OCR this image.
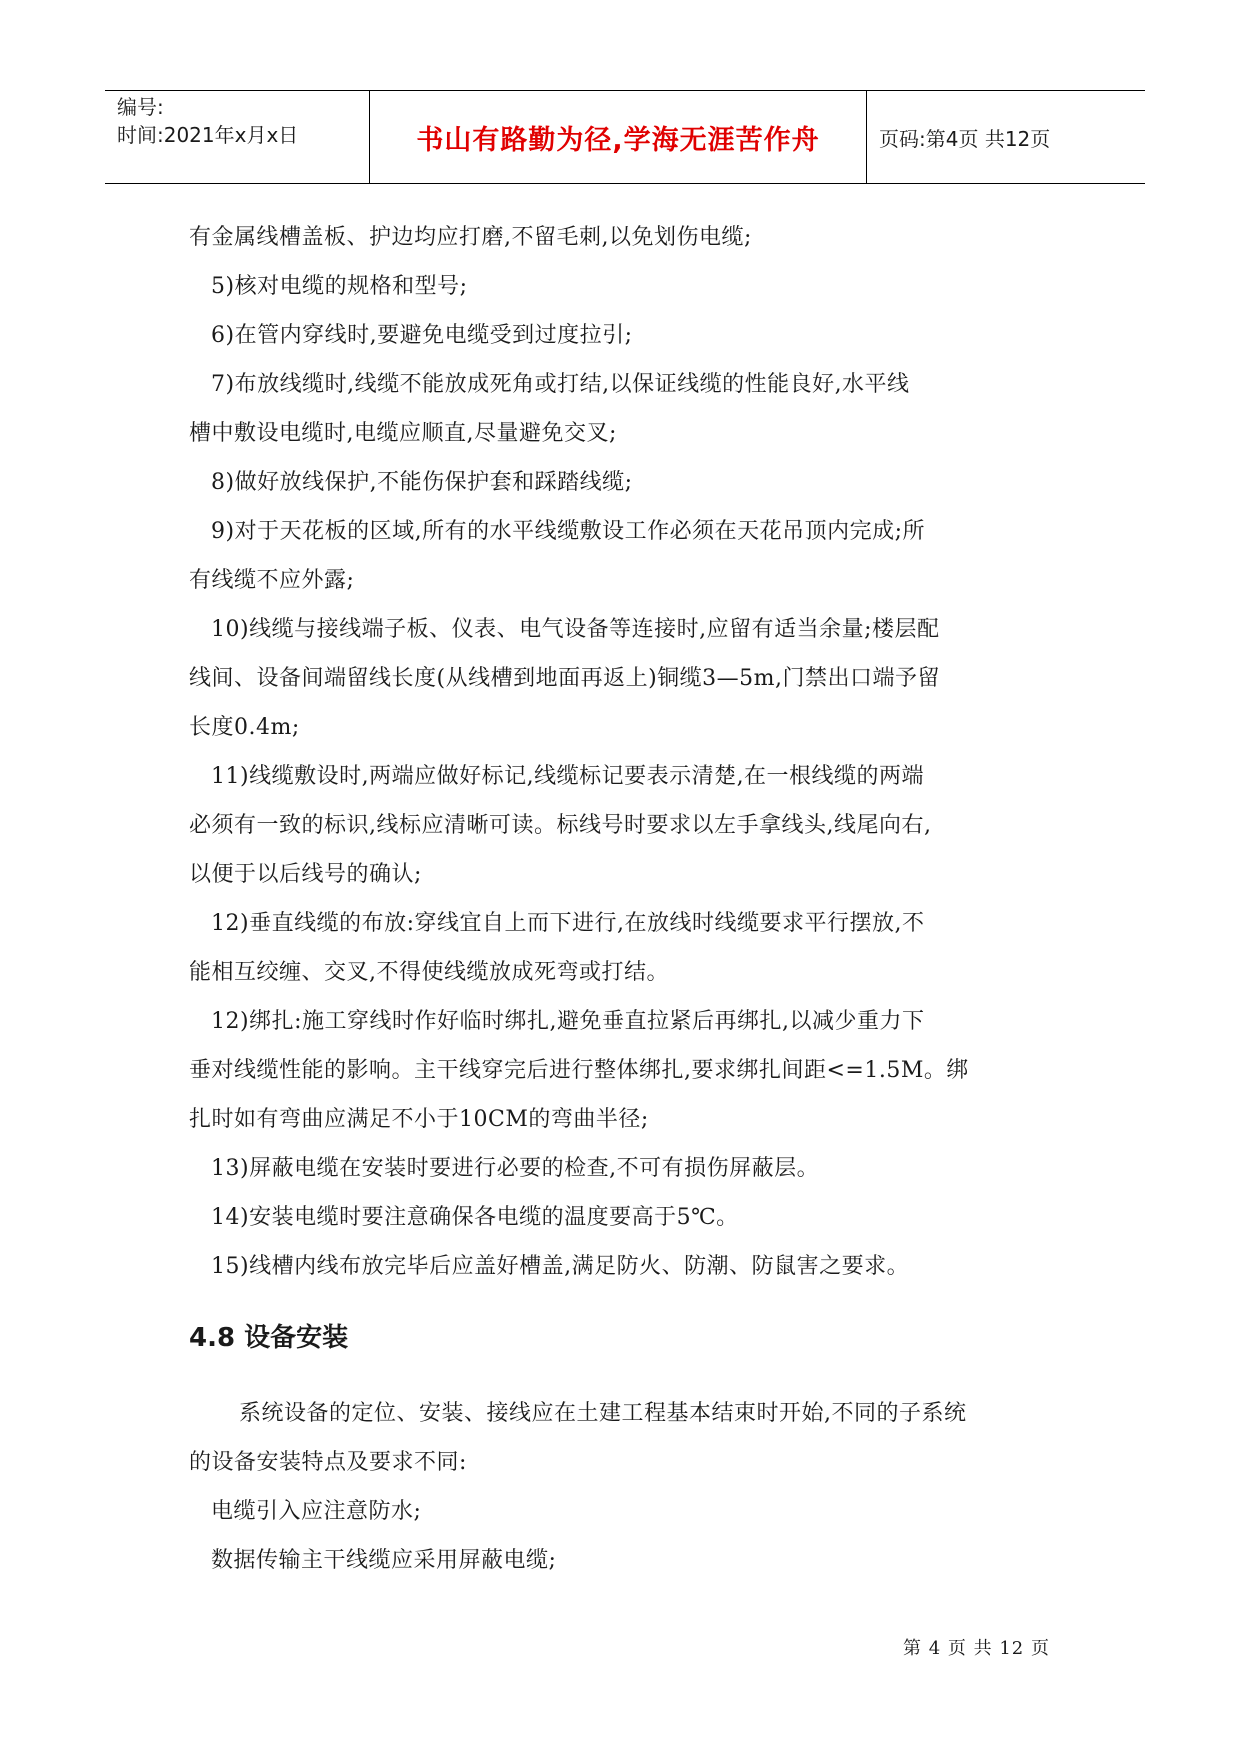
编号:
时间:2021年x月x日	书山有路勤为径,学海无涯苦作舟	页码:第4页 共12页
有金属线槽盖板、护边均应打磨,不留毛刺,以免划伤电缆;
5)核对电缆的规格和型号;
6)在管内穿线时,要避免电缆受到过度拉引;
7)布放线缆时,线缆不能放成死角或打结,以保证线缆的性能良好,水平线
槽中敷设电缆时,电缆应顺直,尽量避免交叉;
8)做好放线保护,不能伤保护套和踩踏线缆;
9)对于天花板的区域,所有的水平线缆敷设工作必须在天花吊顶内完成;所
有线缆不应外露;
10)线缆与接线端子板、仪表、电气设备等连接时,应留有适当余量;楼层配
线间、设备间端留线长度(从线槽到地面再返上)铜缆3—5m,门禁出口端予留
长度0.4m;
11)线缆敷设时,两端应做好标记,线缆标记要表示清楚,在一根线缆的两端
必须有一致的标识,线标应清晰可读。标线号时要求以左手拿线头,线尾向右,
以便于以后线号的确认;
12)垂直线缆的布放:穿线宜自上而下进行,在放线时线缆要求平行摆放,不
能相互绞缠、交叉,不得使线缆放成死弯或打结。
12)绑扎:施工穿线时作好临时绑扎,避免垂直拉紧后再绑扎,以减少重力下
垂对线缆性能的影响。主干线穿完后进行整体绑扎,要求绑扎间距<=1.5M。绑
扎时如有弯曲应满足不小于10CM的弯曲半径;
13)屏蔽电缆在安装时要进行必要的检查,不可有损伤屏蔽层。
14)安装电缆时要注意确保各电缆的温度要高于5℃。
15)线槽内线布放完毕后应盖好槽盖,满足防火、防潮、防鼠害之要求。
4.8 设备安装
系统设备的定位、安装、接线应在土建工程基本结束时开始,不同的子系统
的设备安装特点及要求不同:
电缆引入应注意防水;
数据传输主干线缆应采用屏蔽电缆;
第 4 页 共 12 页
